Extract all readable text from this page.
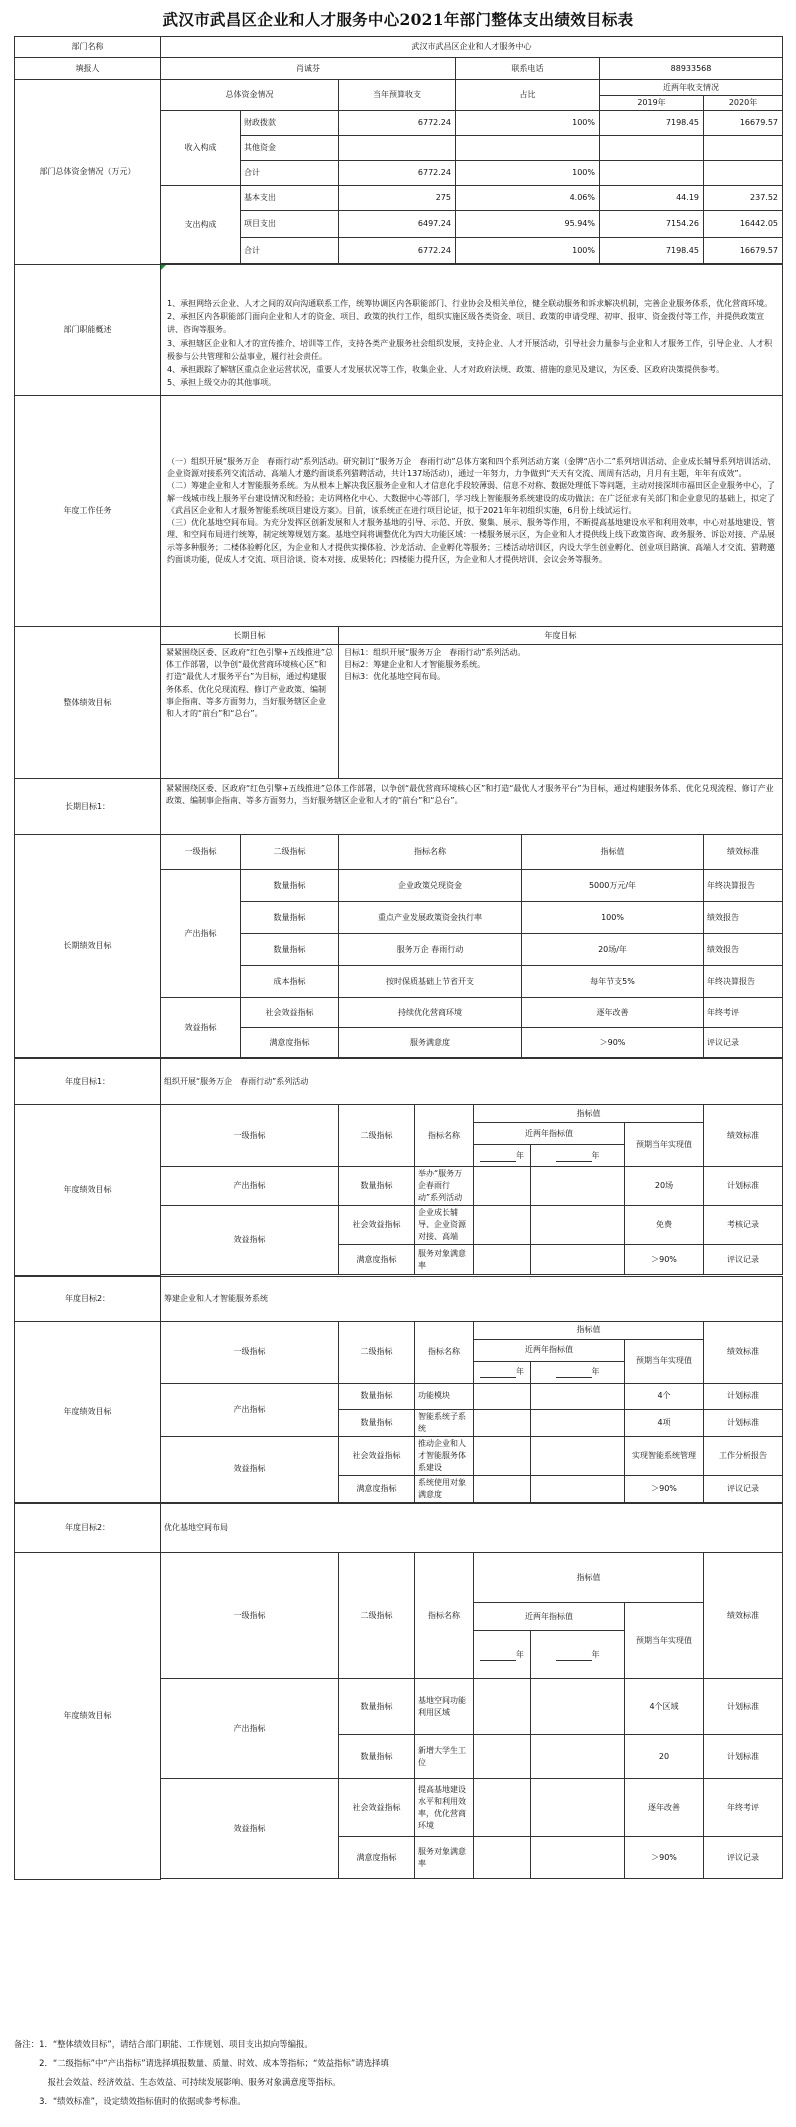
武汉市武昌区企业和人才服务中心2021年部门整体支出绩效目标表
部门名称	武汉市武昌区企业和人才服务中心						
填报人	肖诚芬			联系电话		88933568	
部门总体资金情况（万元）	总体资金情况		当年预算收支	占比		近两年收支情况	
						2019年	2020年
	收入构成	财政拨款	6772.24	100%		7198.45	16679.57
		其他资金					
		合计	6772.24	100%			
	支出构成	基本支出	275	4.06%		44.19	237.52
		项目支出	6497.24	95.94%		7154.26	16442.05
		合计	6772.24	100%		7198.45	16679.57

部门职能概述	1、承担网络云企业、人才之间的双向沟通联系工作，统筹协调区内各职能部门、行业协会及相关单位，健全联动服务和诉求解决机制，完善企业服务体系，优化营商环境。
2、承担区内各职能部门面向企业和人才的资金、项目、政策的执行工作，组织实施区级各类资金、项目、政策的申请受理、初审、报审、资金拨付等工作，并提供政策宣讲、咨询等服务。
3、承担辖区企业和人才的宣传推介、培训等工作，支持各类产业服务社会组织发展，支持企业、人才开展活动，引导社会力量参与企业和人才服务工作，引导企业、人才积极参与公共管理和公益事业，履行社会责任。
4、承担跟踪了解辖区重点企业运营状况，重要人才发展状况等工作，收集企业、人才对政府法规、政策、措施的意见及建议，为区委、区政府决策提供参考。
5、承担上级交办的其他事项。						

年度工作任务	（一）组织开展“服务万企　春雨行动”系列活动。研究制订“服务万企　春雨行动”总体方案和四个系列活动方案（金牌“店小二”系列培训活动、企业成长辅导系列培训活动、企业资源对接系列交流活动、高端人才邀约面谈系列猎聘活动，共计137场活动），通过一年努力，力争做到“天天有交流、周周有活动，月月有主题，年年有成效”。
（二）筹建企业和人才智能服务系统。为从根本上解决我区服务企业和人才信息化手段较薄弱、信息不对称、数据处理低下等问题，主动对接深圳市福田区企业服务中心，了解一线城市线上服务平台建设情况和经验；走访网格化中心、大数据中心等部门，学习线上智能服务系统建设的成功做法；在广泛征求有关部门和企业意见的基础上，拟定了《武昌区企业和人才服务智能系统项目建设方案》。目前，该系统正在进行项目论证，拟于2021年年初组织实施，6月份上线试运行。
（三）优化基地空间布局。为充分发挥区创新发展和人才服务基地的引导、示范、开放、聚集、展示、服务等作用，不断提高基地建设水平和利用效率，中心对基地建设、管理、和空间布局进行统筹，制定统筹规划方案。基地空间将调整优化为四大功能区域：一楼服务展示区，为企业和人才提供线上线下政策咨询、政务服务、诉讼对接、产品展示等多种服务；二楼体验孵化区，为企业和人才提供实操体验、沙龙活动、企业孵化等服务；三楼活动培训区，内设大学生创业孵化、创业项目路演、高端人才交流、猎聘邀约面谈功能，促成人才交流、项目洽谈、资本对接、成果转化；四楼能力提升区，为企业和人才提供培训、会议会务等服务。						
整体绩效目标	长期目标		年度目标				
	紧紧围绕区委、区政府“红色引擎+五线推进”总体工作部署，以争创“最优营商环境核心区”和打造“最优人才服务平台”为目标，通过构建服务体系、优化兑现流程、修订产业政策、编制事企指南、等多方面努力，当好服务辖区企业和人才的“前台”和“总台”。		目标1：组织开展“服务万企　春雨行动”系列活动。
目标2：筹建企业和人才智能服务系统。
目标3：优化基地空间布局。				
长期目标1：	紧紧围绕区委、区政府“红色引擎+五线推进”总体工作部署，以争创“最优营商环境核心区”和打造“最优人才服务平台”为目标，通过构建服务体系、优化兑现流程、修订产业政策、编制事企指南、等多方面努力，当好服务辖区企业和人才的“前台”和“总台”。						
长期绩效目标	一级指标	二级指标	指标名称		指标值		绩效标准
	产出指标	数量指标	企业政策兑现资金		5000万元/年		年终决算报告
		数量指标	重点产业发展政策资金执行率		100%		绩效报告
		数量指标	服务万企 春雨行动		20场/年		绩效报告
		成本指标	按时保质基础上节省开支		每年节支5%		年终决算报告
	效益指标	社会效益指标	持续优化营商环境		逐年改善		年终考评
		满意度指标	服务满意度		＞90%		评议记录
年度目标1：	组织开展“服务万企　春雨行动”系列活动						
年度绩效目标	一级指标	二级指标	指标名称	指标值			绩效标准
				近两年指标值		预期当年实现值	
				年	年		
	产出指标	数量指标	举办“服务万企春雨行动”系列活动			20场	计划标准
	效益指标	社会效益指标	企业成长辅导、企业资源对接、高端			免费	考核记录
		满意度指标	服务对象满意率			＞90%	评议记录

年度目标2：	筹建企业和人才智能服务系统						
年度绩效目标	一级指标	二级指标	指标名称	指标值			绩效标准
				近两年指标值		预期当年实现值	
				年	年		
	产出指标	数量指标	功能模块			4个	计划标准
		数量指标	智能系统子系统			4项	计划标准
	效益指标	社会效益指标	推动企业和人才智能服务体系建设			实现智能系统管理	工作分析报告
		满意度指标	系统使用对象满意度			＞90%	评议记录

年度目标2：	优化基地空间布局						
年度绩效目标	一级指标	二级指标	指标名称	指标值			绩效标准
				近两年指标值		预期当年实现值	
				年	年		
	产出指标	数量指标	基地空间功能利用区域			4个区域	计划标准
		数量指标	新增大学生工位			20	计划标准
	效益指标	社会效益指标	提高基地建设水平和利用效率，优化营商环境			逐年改善	年终考评
		满意度指标	服务对象满意率			＞90%	评议记录

备注：1．“整体绩效目标”，请结合部门职能、工作规划、项目支出拟向等编报。
　　　2．“二级指标”中“产出指标”请选择填报数量、质量、时效、成本等指标；“效益指标”请选择填
　　　　报社会效益、经济效益、生态效益、可持续发展影响、服务对象满意度等指标。
　　　3．“绩效标准”，设定绩效指标值时的依据或参考标准。
